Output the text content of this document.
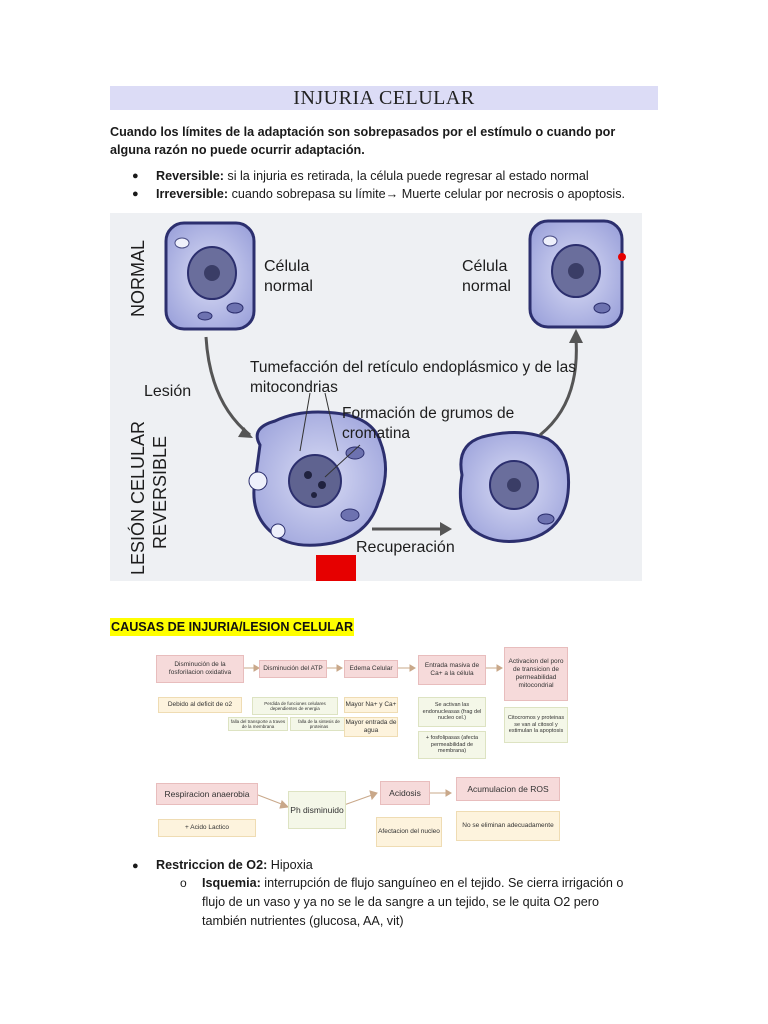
INJURIA CELULAR
Cuando los límites de la adaptación son sobrepasados por el estímulo o cuando por alguna razón no puede ocurrir adaptación.
● Reversible: si la injuria es retirada, la célula puede regresar al estado normal
● Irreversible: cuando sobrepasa su límite→ Muerte celular por necrosis o apoptosis.
NORMAL
LESIÓN CELULAR REVERSIBLE
Célula normal
Célula normal
Lesión
Tumefacción del retículo endoplásmico y de las mitocondrias
Formación de grumos de cromatina
Recuperación
CAUSAS DE INJURIA/LESION CELULAR
Disminución de la fosforilacion oxidativa
Disminución del ATP	Edema Celular	Entrada masiva de Ca+ a la célula
Activacion del poro de transicion de permeabilidad mitocondrial
Debido al deficit de o2	Perdida de funciones celulares dependientes de energia
falla del transporte a traves de la membrana
falla de la sintesis de proteinas
Mayor Na+ y Ca+
Mayor entrada de agua
Se activan las endonucleasas (frag del nucleo cel.)
+ fosfolipasas (afecta permeabilidad de membrana)
Citocromos y proteinas se van al citosol y estimulan la apoptosis
Respiracion anaerobia
+ Acido Lactico
Ph disminuido
Acidosis
Afectacion del nucleo
Acumulacion de ROS
No se eliminan adecuadamente
● Restriccion de O2: Hipoxia
o Isquemia: interrupción de flujo sanguíneo en el tejido. Se cierra irrigación o flujo de un vaso y ya no se le da sangre a un tejido, se le quita O2 pero también nutrientes (glucosa, AA, vit)
